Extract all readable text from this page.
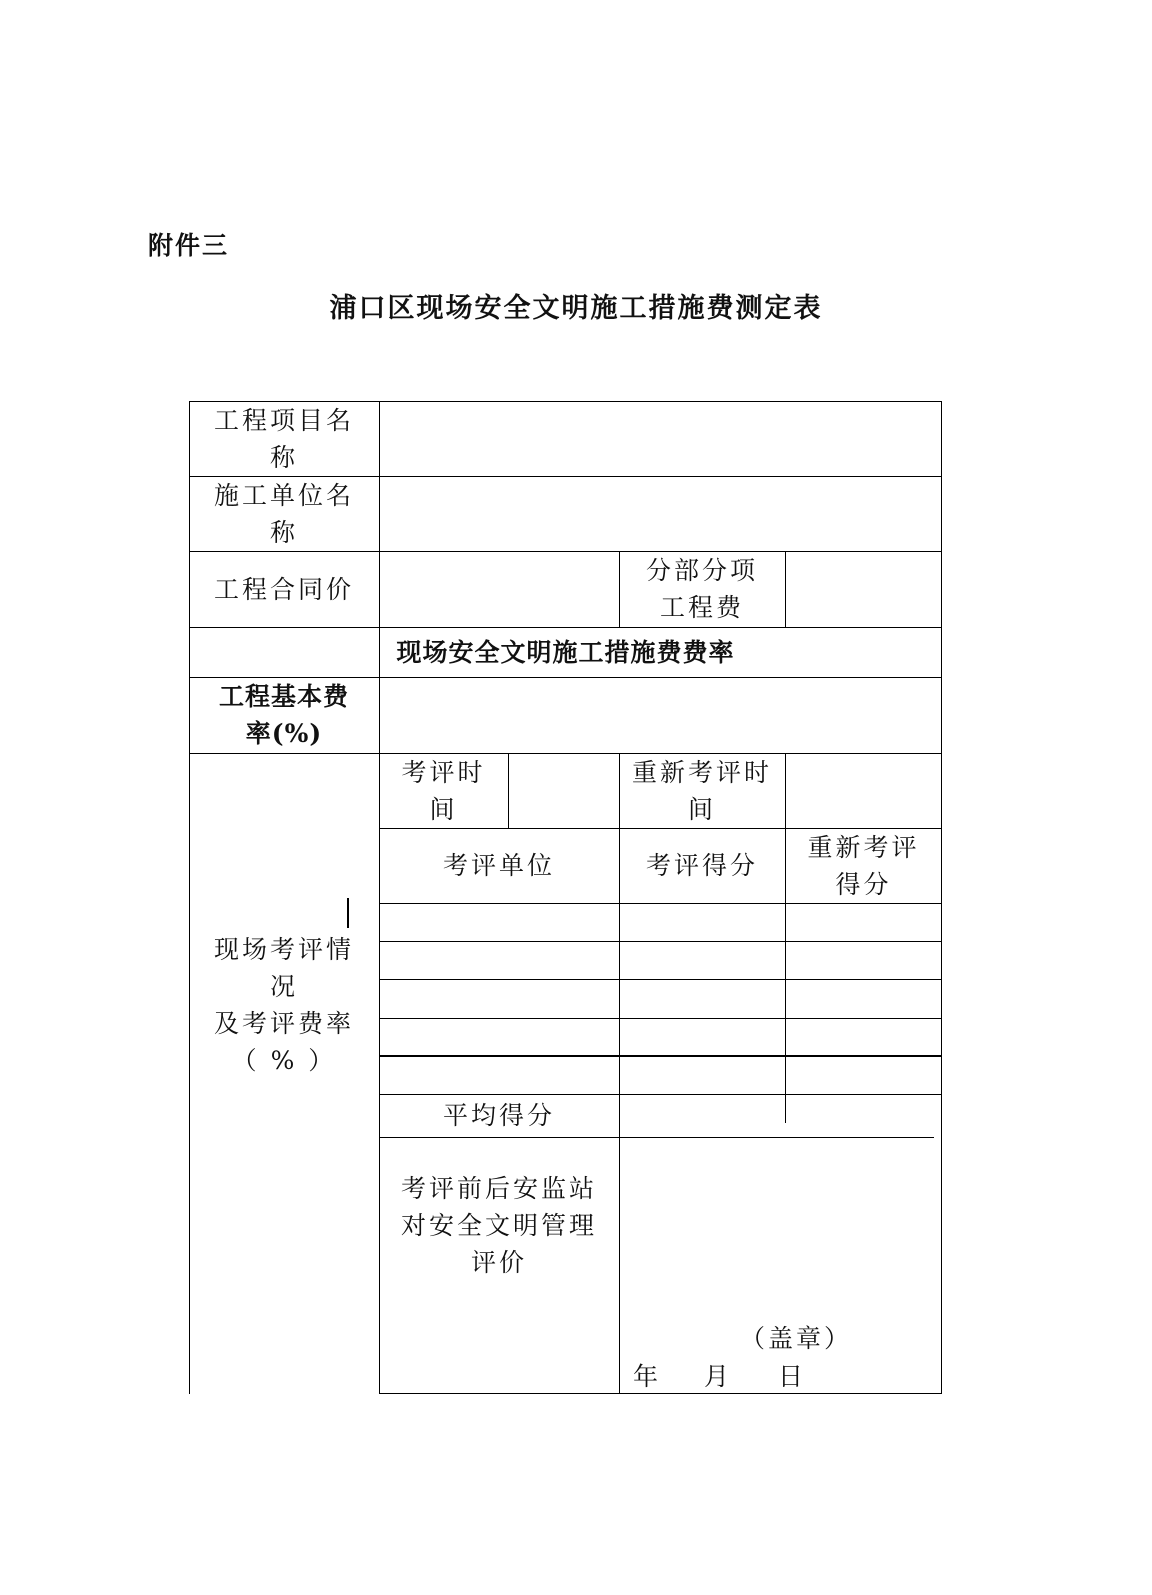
附件三
浦口区现场安全文明施工措施费测定表
工程项目名
称
施工单位名
称
工程合同价
分部分项
工程费
现场安全文明施工措施费费率
工程基本费
率(%)
现场考评情
况
及考评费率
（ % ）
考评时
间
重新考评时
间
考评单位	考评得分
重新考评
得分
平均得分
考评前后安监站
对安全文明管理
评价
（盖章）
年 月 日
